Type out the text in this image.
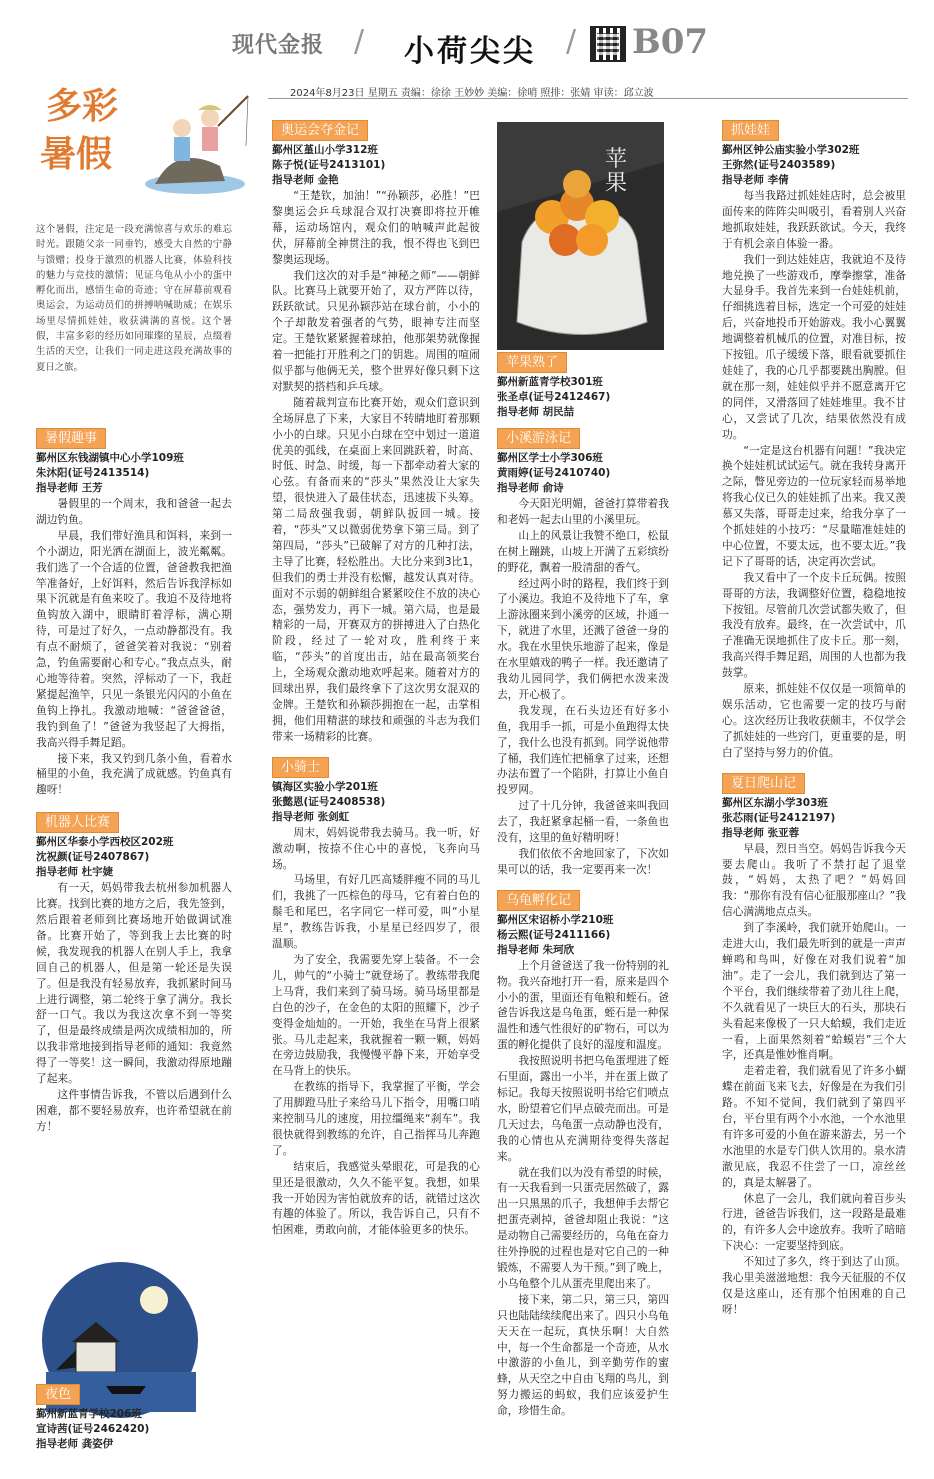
现代金报 / 小荷尖尖 / B07
2024年8月23日 星期五 责编：徐徐 王妙妙 美编：徐哨 照排：张婧 审读：邱立波
多彩
暑假
这个暑假，注定是一段充满惊喜与欢乐的难忘时光。跟随父亲一同垂钓，感受大自然的宁静与馈赠；投身于激烈的机器人比赛，体验科技的魅力与竞技的激情；见证乌龟从小小的蛋中孵化而出，感悟生命的奇迹；守在屏幕前观看奥运会，为运动员们的拼搏呐喊助威；在娱乐场里尽情抓娃娃，收获满满的喜悦。这个暑假，丰富多彩的经历如同璀璨的星辰，点缀着生活的天空，让我们一同走进这段充满故事的夏日之旅。
暑假趣事

鄞州区东钱湖镇中心小学109班

朱沐阳(证号2413514)

指导老师 王芳

暑假里的一个周末，我和爸爸一起去湖边钓鱼。

早晨，我们带好渔具和饵料，来到一个小湖边，阳光洒在湖面上，波光粼粼。我们选了一个合适的位置，爸爸教我把渔竿准备好，上好饵料，然后告诉我浮标如果下沉就是有鱼来咬了。我迫不及待地将鱼钩放入湖中，眼睛盯着浮标，满心期待，可是过了好久，一点动静都没有。我有点不耐烦了，爸爸笑着对我说：“别着急，钓鱼需要耐心和专心。”我点点头，耐心地等待着。突然，浮标动了一下，我赶紧提起渔竿，只见一条银光闪闪的小鱼在鱼钩上挣扎。我激动地喊：“爸爸爸爸，我钓到鱼了！”爸爸为我竖起了大拇指，我高兴得手舞足蹈。

接下来，我又钓到几条小鱼，看着水桶里的小鱼，我充满了成就感。钓鱼真有趣呀！

机器人比赛

鄞州区华泰小学西校区202班

沈祝颜(证号2407867)

指导老师 杜宇婕

有一天，妈妈带我去杭州参加机器人比赛。找到比赛的地方之后，我先签到，然后跟着老师到比赛场地开始做调试准备。比赛开始了，等到我上去比赛的时候，我发现我的机器人在别人手上，我拿回自己的机器人，但是第一轮还是失误了。但是我没有轻易放弃，我抓紧时间马上进行调整，第二轮终于拿了满分。我长舒一口气。我以为我这次拿不到一等奖了，但是最终成绩是两次成绩相加的，所以我非常地接到指导老师的通知：我竟然得了一等奖！这一瞬间，我激动得原地蹦了起来。

这件事情告诉我，不管以后遇到什么困难，都不要轻易放弃，也许希望就在前方！

夜色

鄞州新蓝青学校206班

宣诗茜(证号2462420)

指导老师 龚姿伊

奥运会夺金记

鄞州区堇山小学312班

陈子悦(证号2413101)

指导老师 金艳

“王楚钦，加油！”“孙颖莎，必胜！”巴黎奥运会乒乓球混合双打决赛即将拉开帷幕，运动场馆内，观众们的呐喊声此起彼伏，屏幕前全神贯注的我，恨不得也飞到巴黎奥运现场。

我们这次的对手是“神秘之师”——朝鲜队。比赛马上就要开始了，双方严阵以待，跃跃欲试。只见孙颖莎站在球台前，小小的个子却散发着强者的气势，眼神专注而坚定。王楚钦紧紧握着球拍，他那架势就像握着一把能打开胜利之门的钥匙。周围的喧闹似乎都与他俩无关，整个世界好像只剩下这对默契的搭档和乒乓球。

随着裁判宣布比赛开始，观众们意识到全场屏息了下来，大家目不转睛地盯着那颗小小的白球。只见小白球在空中划过一道道优美的弧线，在桌面上来回跳跃着，时高、时低、时急、时缓，每一下都牵动着大家的心弦。有备而来的“莎头”果然没让大家失望，很快进入了最佳状态，迅速拔下头筹。第二局敌强我弱，朝鲜队扳回一城。接着，“莎头”又以微弱优势拿下第三局。到了第四局，“莎头”已破解了对方的几种打法，主导了比赛，轻松胜出。大比分来到3比1，但我们的勇士并没有松懈，越发认真对待。面对不示弱的朝鲜组合紧紧咬住不放的决心态，强势发力，再下一城。第六局，也是最精彩的一局，开赛双方的拼搏进入了白热化阶段，经过了一轮对攻，胜利终于来临，“莎头”的首度出击，站在最高领奖台上，全场观众激动地欢呼起来。随着对方的回球出界，我们最终拿下了这次男女混双的金牌。王楚钦和孙颖莎拥抱在一起，击掌相拥，他们用精湛的球技和顽强的斗志为我们带来一场精彩的比赛。

小骑士

镇海区实验小学201班

张懿恩(证号2408538)

指导老师 张剑虹

周末，妈妈说带我去骑马。我一听，好激动啊，按捺不住心中的喜悦，飞奔向马场。

马场里，有好几匹高矮胖瘦不同的马儿们，我挑了一匹棕色的母马，它有着白色的鬃毛和尾巴，名字同它一样可爱，叫“小星星”，教练告诉我，小星星已经四岁了，很温顺。

为了安全，我需要先穿上装备。不一会儿，帅气的“小骑士”就登场了。教练带我爬上马背，我们来到了骑马场。骑马场里都是白色的沙子，在金色的太阳的照耀下，沙子变得金灿灿的。一开始，我坐在马背上很紧张。马儿走起来，我就握着一颗一颗，妈妈在旁边鼓励我，我慢慢平静下来，开始享受在马背上的快乐。

在教练的指导下，我掌握了平衡，学会了用脚蹬马肚子来给马儿下指令，用嘴口哨来控制马儿的速度，用拉缰绳来“刹车”。我很快就得到教练的允许，自己指挥马儿奔跑了。

结束后，我感觉头晕眼花，可是我的心里还是很激动，久久不能平复。我想，如果我一开始因为害怕就放弃的话，就错过这次有趣的体验了。所以，我告诉自己，只有不怕困难，勇敢向前，才能体验更多的快乐。

苹
果
苹果熟了

鄞州新蓝青学校301班

张圣卓(证号2412467)

指导老师 胡民喆

小溪游泳记

鄞州区学士小学306班

黄雨婷(证号2410740)

指导老师 俞诗

今天阳光明媚，爸爸打算带着我和老妈一起去山里的小溪里玩。

山上的风景让我赞不绝口，松鼠在树上蹦跳，山坡上开满了五彩缤纷的野花，飘着一股清甜的香气。

经过两小时的路程，我们终于到了小溪边。我迫不及待地下了车，拿上游泳圈来到小溪旁的区域，扑通一下，就进了水里，还溅了爸爸一身的水。我在水里快乐地游了起来，像是在水里嬉戏的鸭子一样。我还邀请了我幼儿园同学，我们俩把水泼来泼去，开心极了。

我发现，在石头边还有好多小鱼，我用手一抓，可是小鱼跑得太快了，我什么也没有抓到。同学说他带了桶，我们连忙把桶拿了过来，还想办法布置了一个陷阱，打算让小鱼自投罗网。

过了十几分钟，我爸爸来叫我回去了，我赶紧拿起桶一看，一条鱼也没有，这里的鱼好精明呀！

我们依依不舍地回家了，下次如果可以的话，我一定要再来一次！

乌龟孵化记

鄞州区宋诏桥小学210班

杨云熙(证号2411166)

指导老师 朱珂欣

上个月爸爸送了我一份特别的礼物。我兴奋地打开一看，原来是四个小小的蛋，里面还有龟粮和蛭石。爸爸告诉我这是乌龟蛋，蛭石是一种保温性和透气性很好的矿物石，可以为蛋的孵化提供了良好的湿度和温度。

我按照说明书把乌龟蛋埋进了蛭石里面，露出一小半，并在蛋上做了标记。我每天按照说明书给它们喷点水，盼望着它们早点破壳而出。可是几天过去，乌龟蛋一点动静也没有，我的心情也从充满期待变得失落起来。

就在我们以为没有希望的时候，有一天我看到一只蛋壳居然破了，露出一只黑黑的爪子，我想伸手去帮它把蛋壳剥掉，爸爸却阻止我说：“这是动物自己需要经历的，乌龟在奋力往外挣脱的过程也是对它自己的一种锻炼，不需要人为干预。”到了晚上，小乌龟整个儿从蛋壳里爬出来了。

接下来，第二只，第三只，第四只也陆陆续续爬出来了。四只小乌龟天天在一起玩，真快乐啊！大自然中，每一个生命都是一个奇迹，从水中激游的小鱼儿，到辛勤劳作的蜜蜂，从天空之中自由飞翔的鸟儿，到努力搬运的蚂蚁，我们应该爱护生命，珍惜生命。

抓娃娃

鄞州区钟公庙实验小学302班

王弥然(证号2403589)

指导老师 李倩

每当我路过抓娃娃店时，总会被里面传来的阵阵尖叫吸引，看着别人兴奋地抓取娃娃，我跃跃欲试。今天，我终于有机会亲自体验一番。

我们一到达娃娃店，我就迫不及待地兑换了一些游戏币，摩拳擦掌，准备大显身手。我首先来到一台娃娃机前，仔细挑选着目标，选定一个可爱的娃娃后，兴奋地投币开始游戏。我小心翼翼地调整着机械爪的位置，对准目标，按下按钮。爪子缓缓下落，眼看就要抓住娃娃了，我的心几乎都要跳出胸膛。但就在那一刻，娃娃似乎并不愿意离开它的同伴，又滑落回了娃娃堆里。我不甘心，又尝试了几次，结果依然没有成功。

“一定是这台机器有问题！”我决定换个娃娃机试试运气。就在我转身离开之际，瞥见旁边的一位玩家轻而易举地将我心仪已久的娃娃抓了出来。我又羡慕又失落，哥哥走过来，给我分享了一个抓娃娃的小技巧：“尽量瞄准娃娃的中心位置，不要太远，也不要太近。”我记下了哥哥的话，决定再次尝试。

我又看中了一个皮卡丘玩偶。按照哥哥的方法，我调整好位置，稳稳地按下按钮。尽管前几次尝试都失败了，但我没有放弃。最终，在一次尝试中，爪子准确无误地抓住了皮卡丘。那一刻，我高兴得手舞足蹈，周围的人也都为我鼓掌。

原来，抓娃娃不仅仅是一项简单的娱乐活动，它也需要一定的技巧与耐心。这次经历让我收获颇丰，不仅学会了抓娃娃的一些窍门，更重要的是，明白了坚持与努力的价值。

夏日爬山记

鄞州区东湖小学303班

张芯雨(证号2412197)

指导老师 张亚蓉

早晨，烈日当空。妈妈告诉我今天要去爬山。我听了不禁打起了退堂鼓，“妈妈，太热了吧？”妈妈回我：“那你有没有信心征服那座山？”我信心满满地点点头。

到了李溪岭，我们就开始爬山。一走进大山，我们最先听到的就是一声声蝉鸣和鸟叫，好像在对我们说着“加油”。走了一会儿，我们就到达了第一个平台，我们继续带着了劲儿往上爬，不久就看见了一块巨大的石头，那块石头看起来像极了一只大蛤蟆，我们走近一看，上面果然刻着“蛤蟆岩”三个大字，还真是惟妙惟肖啊。

走着走着，我们就看见了许多小蝴蝶在前面飞来飞去，好像是在为我们引路。不知不觉间，我们就到了第四平台，平台里有两个小水池，一个水池里有许多可爱的小鱼在游来游去，另一个水池里的水是专门供人饮用的。泉水清澈见底，我忍不住尝了一口，凉丝丝的，真是太解暑了。

休息了一会儿，我们就向着百步头行进，爸爸告诉我们，这一段路是最难的，有许多人会中途放弃。我听了暗暗下决心：一定要坚持到底。

不知过了多久，终于到达了山顶。我心里美滋滋地想：我今天征服的不仅仅是这座山，还有那个怕困难的自己呀！
